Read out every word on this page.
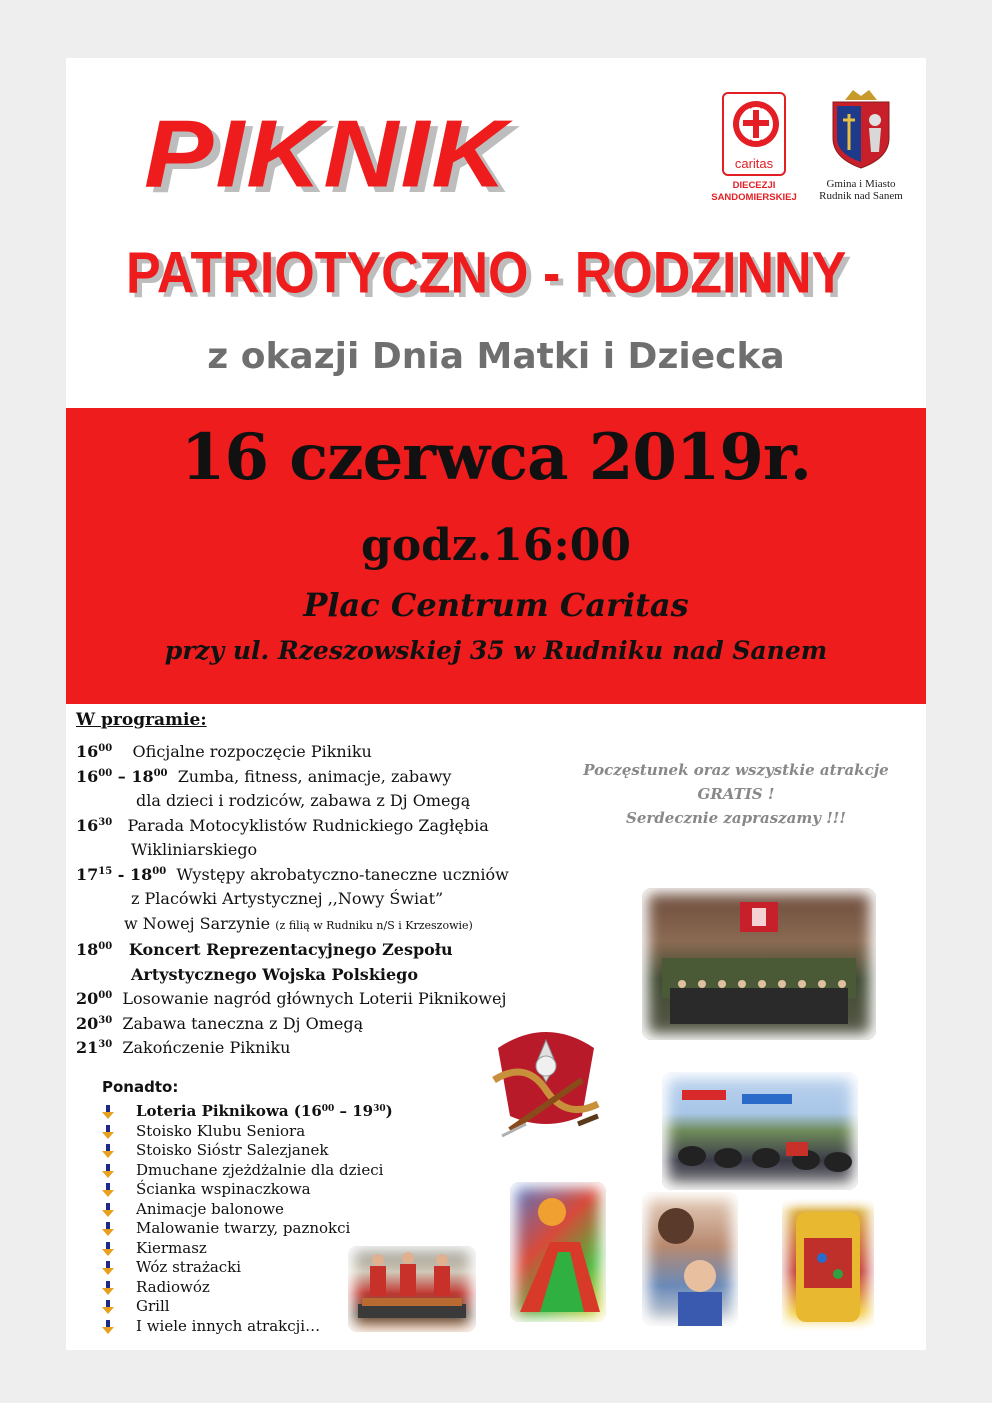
PIKNIK
PATRIOTYCZNO - RODZINNY
z okazji Dnia Matki i Dziecka
caritas
DIECEZJI
SANDOMIERSKIEJ
Gmina i Miasto
Rudnik nad Sanem
16 czerwca 2019r.
godz.16:00
Plac Centrum Caritas
przy ul. Rzeszowskiej 35 w Rudniku nad Sanem
W programie:
$16^{00}$ Oficjalne rozpoczęcie Pikniku
$16^{00} - 18^{00}$ Zumba, fitness, animacje, zabawy
dla dzieci i rodziców, zabawa z Dj Omegą
$16^{30}$ Parada Motocyklistów Rudnickiego Zagłębia
Wikliniarskiego
$17^{15} - 18^{00}$ Występy akrobatyczno-taneczne uczniów
z Placówki Artystycznej ,,Nowy Świat”
w Nowej Sarzynie (z filią w Rudniku n/S i Krzeszowie)
$18^{00}$ Koncert Reprezentacyjnego Zespołu
Artystycznego Wojska Polskiego
$20^{00}$ Losowanie nagród głównych Loterii Piknikowej
$20^{30}$ Zabawa taneczna z Dj Omegą
$21^{30}$ Zakończenie Pikniku
Ponadto:
Loteria Piknikowa $(16^{00} - 19^{30})$
Stoisko Klubu Seniora
Stoisko Sióstr Salezjanek
Dmuchane zjeżdżalnie dla dzieci
Ścianka wspinaczkowa
Animacje balonowe
Malowanie twarzy, paznokci
Kiermasz
Wóz strażacki
Radiowóz
Grill
I wiele innych atrakcji…
Poczęstunek oraz wszystkie atrakcje
GRATIS !
Serdecznie zapraszamy !!!
